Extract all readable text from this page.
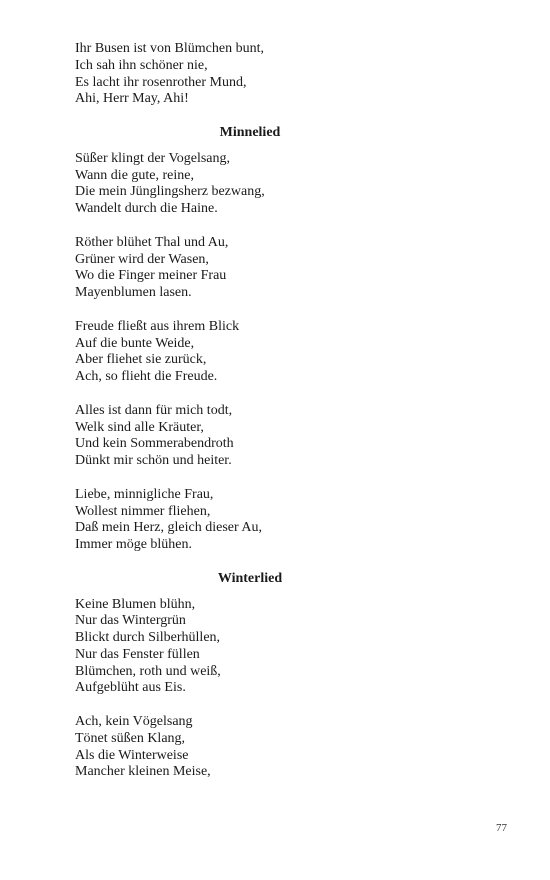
Ihr Busen ist von Blümchen bunt,
Ich sah ihn schöner nie,
Es lacht ihr rosenrother Mund,
Ahi, Herr May, Ahi!
Minnelied
Süßer klingt der Vogelsang,
Wann die gute, reine,
Die mein Jünglingsherz bezwang,
Wandelt durch die Haine.
Röther blühet Thal und Au,
Grüner wird der Wasen,
Wo die Finger meiner Frau
Mayenblumen lasen.
Freude fließt aus ihrem Blick
Auf die bunte Weide,
Aber fliehet sie zurück,
Ach, so flieht die Freude.
Alles ist dann für mich todt,
Welk sind alle Kräuter,
Und kein Sommerabendroth
Dünkt mir schön und heiter.
Liebe, minnigliche Frau,
Wollest nimmer fliehen,
Daß mein Herz, gleich dieser Au,
Immer möge blühen.
Winterlied
Keine Blumen blühn,
Nur das Wintergrün
Blickt durch Silberhüllen,
Nur das Fenster füllen
Blümchen, roth und weiß,
Aufgeblüht aus Eis.
Ach, kein Vögelsang
Tönet süßen Klang,
Als die Winterweise
Mancher kleinen Meise,
77
